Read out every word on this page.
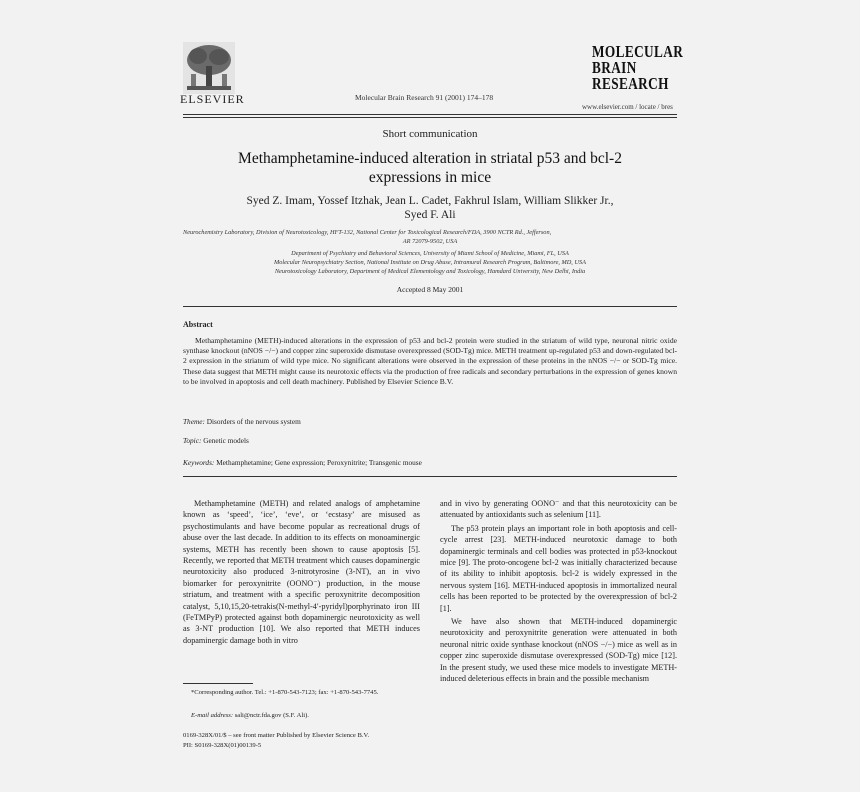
ELSEVIER	Molecular Brain Research 91 (2001) 174–178
MOLECULAR
BRAIN
RESEARCH
www.elsevier.com / locate / bres
Short communication
Methamphetamine-induced alteration in striatal p53 and bcl-2
expressions in mice
Syed Z. Imam, Yossef Itzhak, Jean L. Cadet, Fakhrul Islam, William Slikker Jr.,
Syed F. Ali
Neurochemistry Laboratory, Division of Neurotoxicology, HFT-132, National Center for Toxicological Research/FDA, 3900 NCTR Rd., Jefferson,
AR 72079-9502, USA
Department of Psychiatry and Behavioral Sciences, University of Miami School of Medicine, Miami, FL, USA
Molecular Neuropsychiatry Section, National Institute on Drug Abuse, Intramural Research Program, Baltimore, MD, USA
Neurotoxicology Laboratory, Department of Medical Elementology and Toxicology, Hamdard University, New Delhi, India
Accepted 8 May 2001
Abstract
Methamphetamine (METH)-induced alterations in the expression of p53 and bcl-2 protein were studied in the striatum of wild type, neuronal nitric oxide synthase knockout (nNOS −/−) and copper zinc superoxide dismutase overexpressed (SOD-Tg) mice. METH treatment up-regulated p53 and down-regulated bcl-2 expression in the striatum of wild type mice. No significant alterations were observed in the expression of these proteins in the nNOS −/− or SOD-Tg mice. These data suggest that METH might cause its neurotoxic effects via the production of free radicals and secondary perturbations in the expression of genes known to be involved in apoptosis and cell death machinery. Published by Elsevier Science B.V.
Theme: Disorders of the nervous system
Topic: Genetic models
Keywords: Methamphetamine; Gene expression; Peroxynitrite; Transgenic mouse

Methamphetamine (METH) and related analogs of amphetamine known as ‘speed’, ‘ice’, ‘eve’, or ‘ecstasy’ are misused as psychostimulants and have become popular as recreational drugs of abuse over the last decade. In addition to its effects on monoaminergic systems, METH has recently been shown to cause apoptosis [5]. Recently, we reported that METH treatment which causes dopaminergic neurotoxicity also produced 3-nitrotyrosine (3-NT), an in vivo biomarker for peroxynitrite (OONO⁻) production, in the mouse striatum, and treatment with a specific peroxynitrite decomposition catalyst, 5,10,15,20-tetrakis(N-methyl-4′-pyridyl)porphyrinato iron III (FeTMPyP) protected against both dopaminergic neurotoxicity as well as 3-NT production [10]. We also reported that METH induces dopaminergic damage both in vitro

and in vivo by generating OONO⁻ and that this neurotoxicity can be attenuated by antioxidants such as selenium [11].

The p53 protein plays an important role in both apoptosis and cell-cycle arrest [23]. METH-induced neurotoxic damage to both dopaminergic terminals and cell bodies was protected in p53-knockout mice [9]. The proto-oncogene bcl-2 was initially characterized because of its ability to inhibit apoptosis. bcl-2 is widely expressed in the nervous system [16]. METH-induced apoptosis in immortalized neural cells has been reported to be protected by the overexpression of bcl-2 [1].

We have also shown that METH-induced dopaminergic neurotoxicity and peroxynitrite generation were attenuated in both neuronal nitric oxide synthase knockout (nNOS −/−) mice as well as in copper zinc superoxide dismutase overexpressed (SOD-Tg) mice [12]. In the present study, we used these mice models to investigate METH-induced deleterious effects in brain and the possible mechanism

*Corresponding author. Tel.: +1-870-543-7123; fax: +1-870-543-7745.
E-mail address: sali@nctr.fda.gov (S.F. Ali).
0169-328X/01/$ – see front matter Published by Elsevier Science B.V.
PII: S0169-328X(01)00139-5
